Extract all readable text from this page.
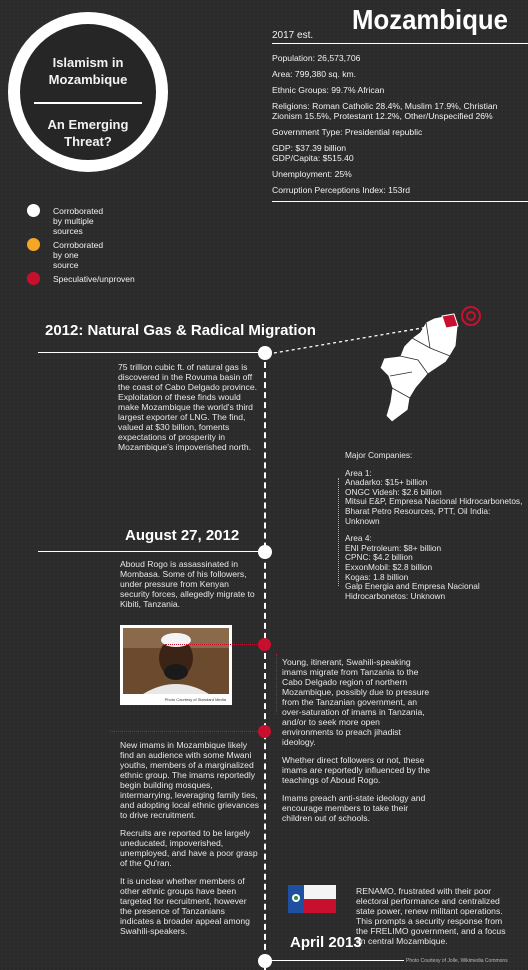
Islamism in
Mozambique
An Emerging
Threat?
Mozambique
2017 est.
Population: 26,573,706
Area: 799,380 sq. km.
Ethnic Groups: 99.7% African
Religions: Roman Catholic 28.4%, Muslim 17.9%, Christian Zionism 15.5%, Protestant 12.2%, Other/Unspecified 26%
Government Type: Presidential republic
GDP: $37.39 billion
GDP/Capita: $515.40
Unemployment: 25%
Corruption Perceptions Index: 153rd
Corroborated by multiple sources
Corroborated by one source
Speculative/unproven
2012: Natural Gas & Radical Migration
75 trillion cubic ft. of natural gas is discovered in the Rovuma basin off the coast of Cabo Delgado province. Exploitation of these finds would make Mozambique the world's third largest exporter of LNG. The find, valued at $30 billion, foments expectations of prosperity in Mozambique's impoverished north.
Major Companies:
Area 1:
Anadarko: $15+ billion
ONGC Videsh: $2.6 billion
Mitsui E&P, Empresa Nacional Hidrocarbonetos, Bharat Petro Resources, PTT, Oil India: Unknown
Area 4:
ENI Petroleum: $8+ billion
CPNC: $4.2 billion
ExxonMobil: $2.8 billion
Kogas: 1.8 billion
Galp Energia and Empresa Nacional Hidrocarbonetos: Unknown
August 27, 2012
Aboud Rogo is assassinated in Mombasa. Some of his followers, under pressure from Kenyan security forces, allegedly migrate to Kibiti, Tanzania.
Photo Courtesy of Standard Media

Young, itinerant, Swahili-speaking imams migrate from Tanzania to the Cabo Delgado region of northern Mozambique, possibly due to pressure from the Tanzanian government, an over-saturation of imams in Tanzania, and/or to seek more open environments to preach jihadist ideology.

Whether direct followers or not, these imams are reportedly influenced by the teachings of Aboud Rogo.

Imams preach anti-state ideology and encourage members to take their children out of schools.

New imams in Mozambique likely find an audience with some Mwani youths, members of a marginalized ethnic group. The imams reportedly begin building mosques, intermarrying, leveraging family ties, and adopting local ethnic grievances to drive recruitment.

Recruits are reported to be largely uneducated, impoverished, unemployed, and have a poor grasp of the Qu'ran.

It is unclear whether members of other ethnic groups have been targeted for recruitment, however the presence of Tanzanians indicates a broader appeal among Swahili-speakers.

RENAMO, frustrated with their poor electoral performance and centralized state power, renew militant operations. This prompts a security response from the FRELIMO government, and a focus on central Mozambique.
April 2013
Photo Courtesy of Jolle, Wikimedia Commons
